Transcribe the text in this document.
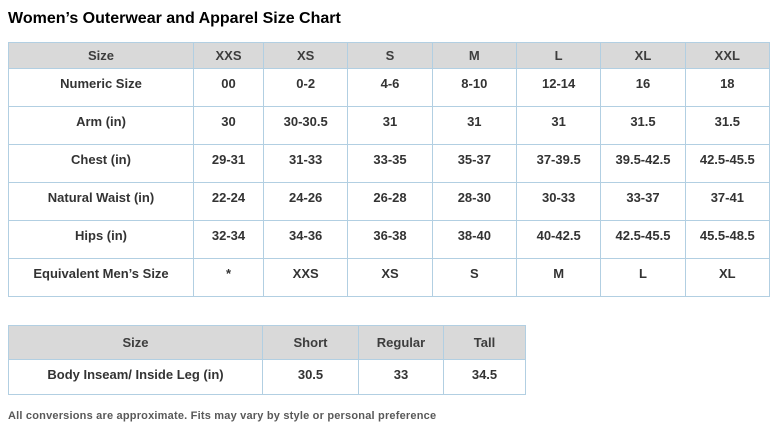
Women’s Outerwear and Apparel Size Chart
Size	XXS	XS	S	M	L	XL	XXL
Numeric Size	00	0-2	4-6	8-10	12-14	16	18
Arm (in)	30	30-30.5	31	31	31	31.5	31.5
Chest (in)	29-31	31-33	33-35	35-37	37-39.5	39.5-42.5	42.5-45.5
Natural Waist (in)	22-24	24-26	26-28	28-30	30-33	33-37	37-41
Hips (in)	32-34	34-36	36-38	38-40	40-42.5	42.5-45.5	45.5-48.5
Equivalent Men’s Size	*	XXS	XS	S	M	L	XL
Size	Short	Regular	Tall
Body Inseam/ Inside Leg (in)	30.5	33	34.5

All conversions are approximate. Fits may vary by style or personal preference
